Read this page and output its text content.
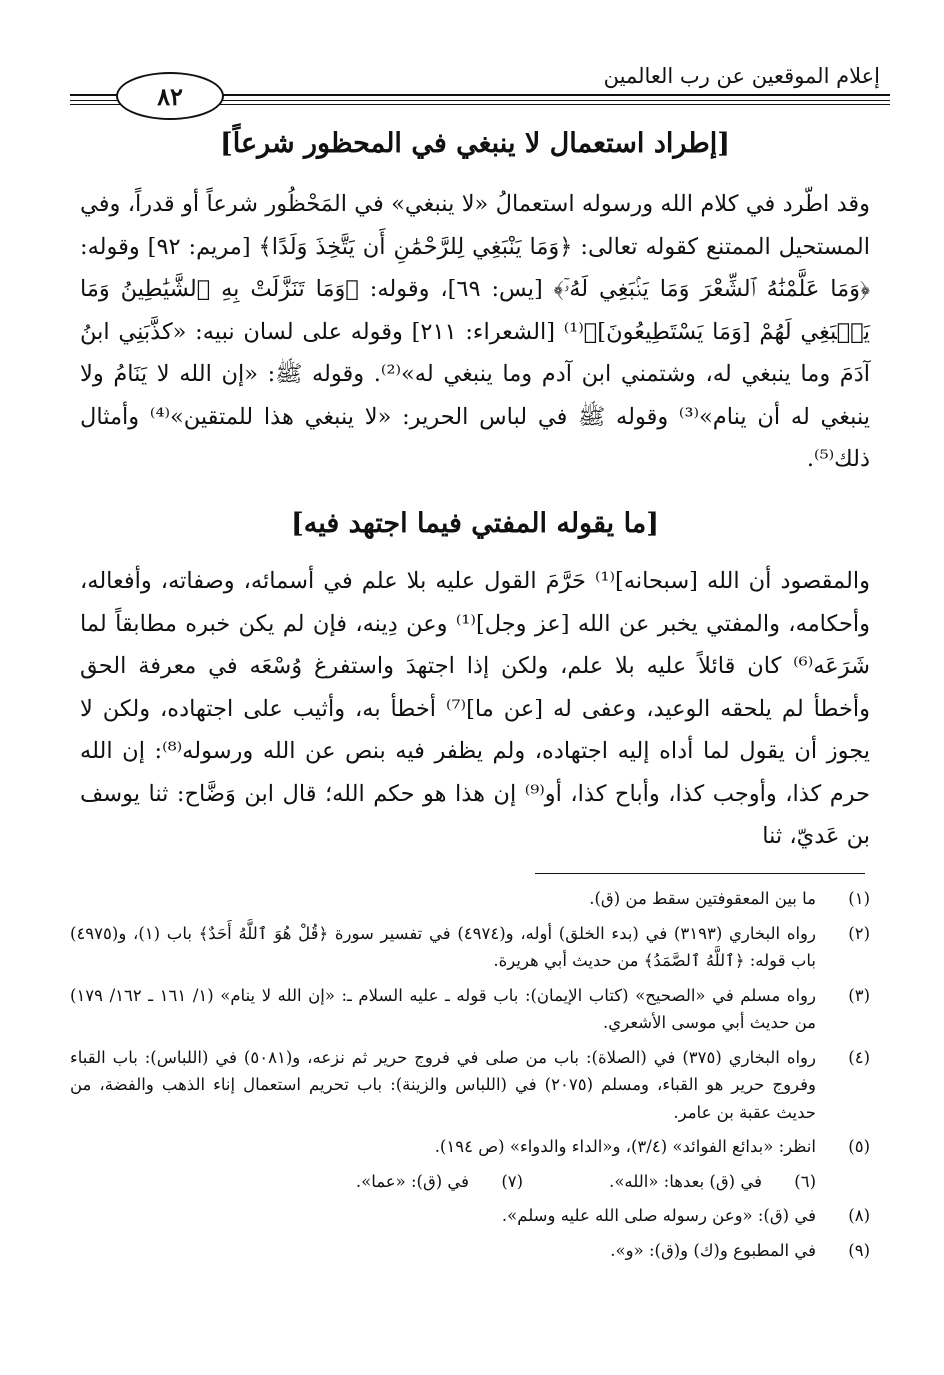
إعلام الموقعين عن رب العالمين
٨٢
[إطراد استعمال لا ينبغي في المحظور شرعاً]
وقد اطّرد في كلام الله ورسوله استعمالُ «لا ينبغي» في المَحْظُور شرعاً أو قدراً، وفي المستحيل الممتنع كقوله تعالى: ﴿وَمَا يَنْبَغِي لِلرَّحْمَٰنِ أَن يَتَّخِذَ وَلَدًا﴾ [مريم: ٩٢] وقوله: ﴿وَمَا عَلَّمْنَٰهُ ٱلشِّعْرَ وَمَا يَنۢبَغِي لَهُۥٓ﴾ [يس: ٦٩]، وقوله: ﴿وَمَا تَنَزَّلَتْ بِهِ ٱلشَّيَٰطِينُ وَمَا يَنۢبَغِي لَهُمْ [وَمَا يَسْتَطِيعُونَ]﴾⁽¹⁾ [الشعراء: ٢١١] وقوله على لسان نبيه: «كذَّبَنِي ابنُ آدَمَ وما ينبغي له، وشتمني ابن آدم وما ينبغي له»⁽²⁾. وقوله ﷺ: «إن الله لا يَنَامُ ولا ينبغي له أن ينام»⁽³⁾ وقوله ﷺ في لباس الحرير: «لا ينبغي هذا للمتقين»⁽⁴⁾ وأمثال ذلك⁽⁵⁾.
[ما يقوله المفتي فيما اجتهد فيه]
والمقصود أن الله [سبحانه]⁽¹⁾ حَرَّمَ القول عليه بلا علم في أسمائه، وصفاته، وأفعاله، وأحكامه، والمفتي يخبر عن الله [عز وجل]⁽¹⁾ وعن دِينه، فإن لم يكن خبره مطابقاً لما شَرَعَه⁽⁶⁾ كان قائلاً عليه بلا علم، ولكن إذا اجتهدَ واستفرغ وُسْعَه في معرفة الحق وأخطأ لم يلحقه الوعيد، وعفى له [عن ما]⁽⁷⁾ أخطأ به، وأثيب على اجتهاده، ولكن لا يجوز أن يقول لما أداه إليه اجتهاده، ولم يظفر فيه بنص عن الله ورسوله⁽⁸⁾: إن الله حرم كذا، وأوجب كذا، وأباح كذا، أو⁽⁹⁾ إن هذا هو حكم الله؛ قال ابن وَضَّاح: ثنا يوسف بن عَديّ، ثنا
(١)
ما بين المعقوفتين سقط من (ق).
(٢)
رواه البخاري (٣١٩٣) في (بدء الخلق) أوله، و(٤٩٧٤) في تفسير سورة ﴿قُلْ هُوَ ٱللَّهُ أَحَدٌ﴾ باب (١)، و(٤٩٧٥) باب قوله: ﴿ٱللَّهُ ٱلصَّمَدُ﴾ من حديث أبي هريرة.
(٣)
رواه مسلم في «الصحيح» (كتاب الإيمان): باب قوله ـ عليه السلام ـ: «إن الله لا ينام» (١/ ١٦١ ـ ١٦٢/ ١٧٩) من حديث أبي موسى الأشعري.
(٤)
رواه البخاري (٣٧٥) في (الصلاة): باب من صلى في فروج حرير ثم نزعه، و(٥٠٨١) في (اللباس): باب القباء وفروج حرير هو القباء، ومسلم (٢٠٧٥) في (اللباس والزينة): باب تحريم استعمال إناء الذهب والفضة، من حديث عقبة بن عامر.
(٥)
انظر: «بدائع الفوائد» (٣/٤)، و«الداء والدواء» (ص ١٩٤).
(٦)
في (ق) بعدها: «الله».
(٧)
في (ق): «عما».
(٨)
في (ق): «وعن رسوله صلى الله عليه وسلم».
(٩)
في المطبوع و(ك) و(ق): «و».
